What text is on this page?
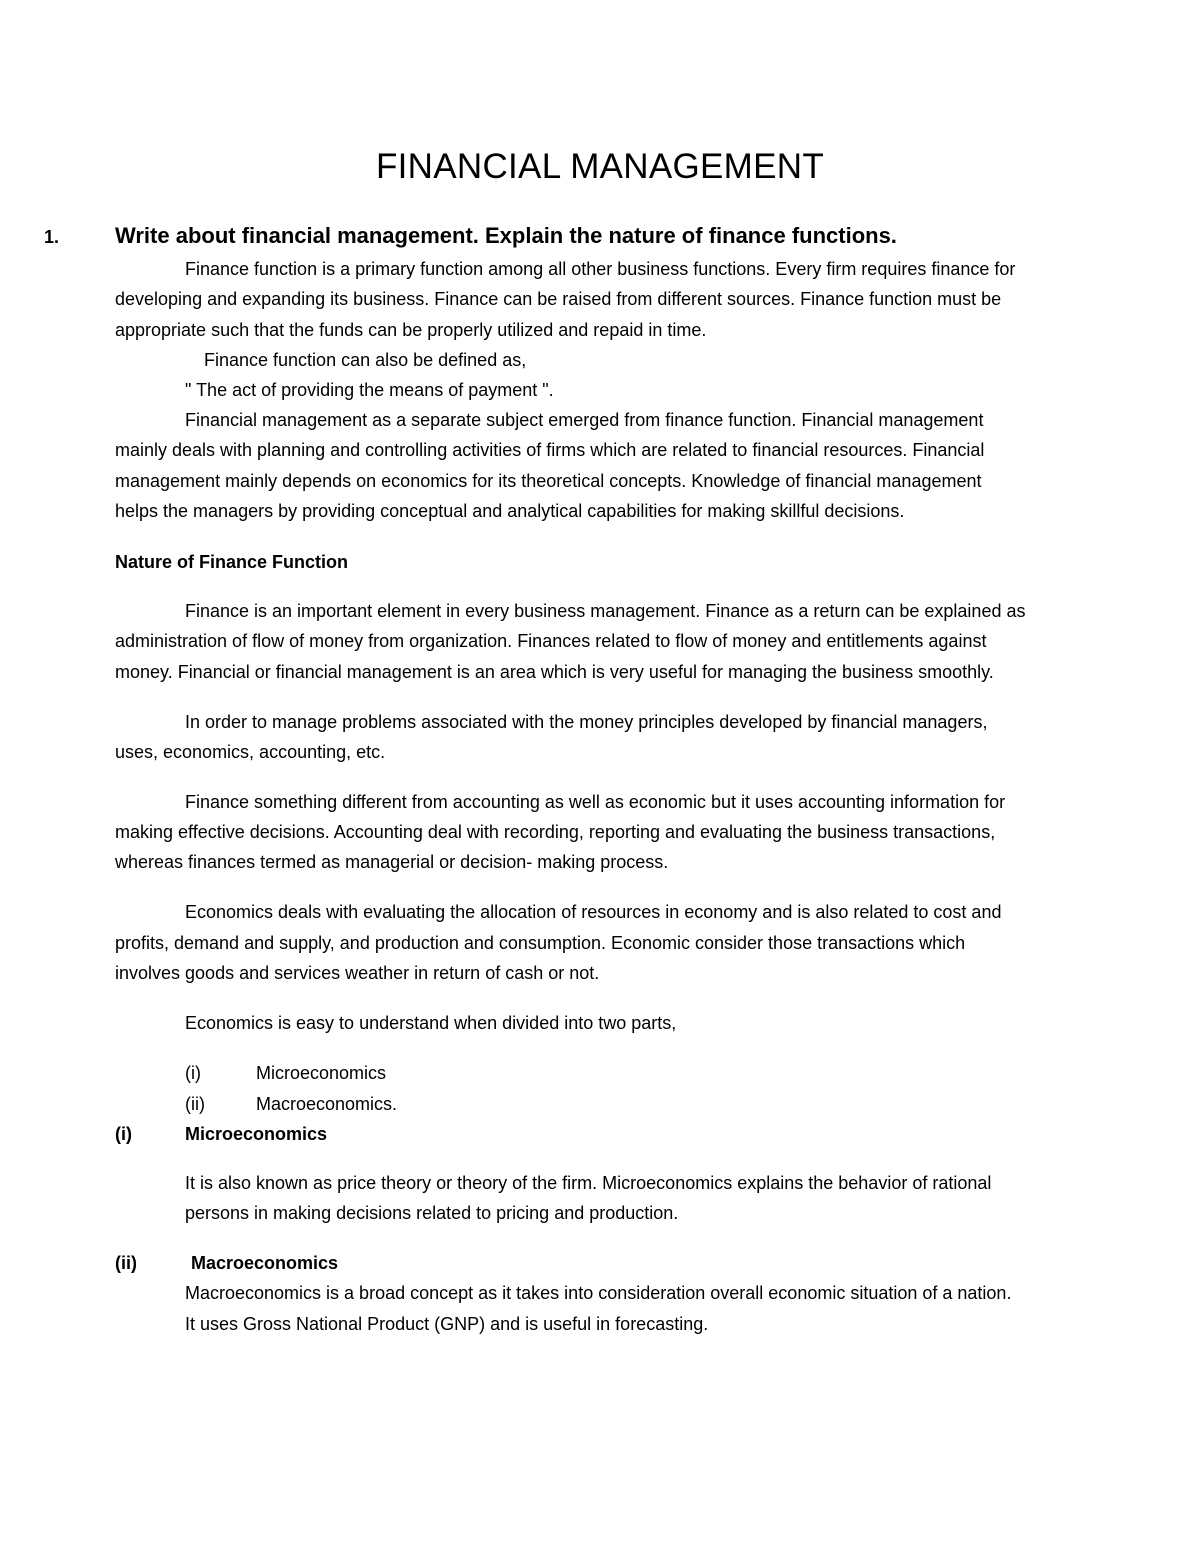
FINANCIAL MANAGEMENT
1.	Write about financial management. Explain the nature of finance functions.
Finance function is a primary function among all other business functions. Every firm requires finance for
developing and expanding its business. Finance can be raised from different sources. Finance function must be
appropriate such that the funds can be properly utilized and repaid in time.
Finance function can also be defined as,
" The act of providing the means of payment ".
Financial management as a separate subject emerged from finance function. Financial management
mainly deals with planning and controlling activities of firms which are related to financial resources. Financial
management mainly depends on economics for its theoretical concepts. Knowledge of financial management
helps the managers by providing conceptual and analytical capabilities for making skillful decisions.
Nature of Finance Function
Finance is an important element in every business management. Finance as a return can be explained as
administration of flow of money from organization. Finances related to flow of money and entitlements against
money. Financial or financial management is an area which is very useful for managing the business smoothly.
In order to manage problems associated with the money principles developed by financial managers,
uses, economics, accounting, etc.
Finance something different from accounting as well as economic but it uses accounting information for
making effective decisions. Accounting deal with recording, reporting and evaluating the business transactions,
whereas finances termed as managerial or decision- making process.
Economics deals with evaluating the allocation of resources in economy and is also related to cost and
profits, demand and supply, and production and consumption. Economic consider those transactions which
involves goods and services weather in return of cash or not.
Economics is easy to understand when divided into two parts,
(i)	Microeconomics
(ii)	Macroeconomics.
(i)	Microeconomics
It is also known as price theory or theory of the firm. Microeconomics explains the behavior of rational
persons in making decisions related to pricing and production.
(ii)	Macroeconomics
Macroeconomics is a broad concept as it takes into consideration overall economic situation of a nation.
It uses Gross National Product (GNP) and is useful in forecasting.
